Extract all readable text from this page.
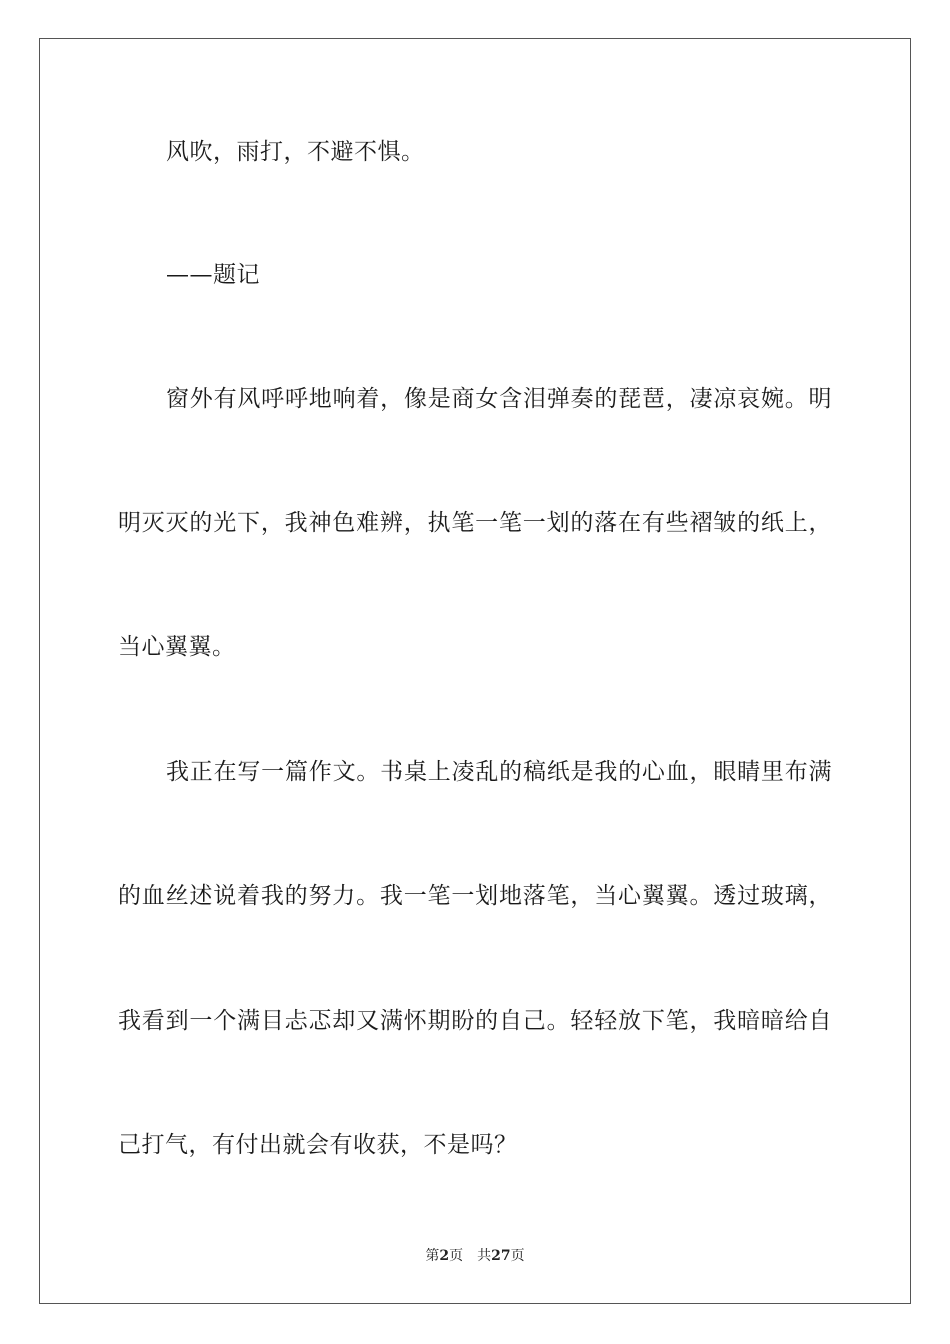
风吹，雨打，不避不惧。
——题记
窗外有风呼呼地响着，像是商女含泪弹奏的琵琶，凄凉哀婉。明
明灭灭的光下，我神色难辨，执笔一笔一划的落在有些褶皱的纸上，
当心翼翼。
我正在写一篇作文。书桌上凌乱的稿纸是我的心血，眼睛里布满
的血丝述说着我的努力。我一笔一划地落笔，当心翼翼。透过玻璃，
我看到一个满目忐忑却又满怀期盼的自己。轻轻放下笔，我暗暗给自
己打气，有付出就会有收获，不是吗？
第2页 共27页
